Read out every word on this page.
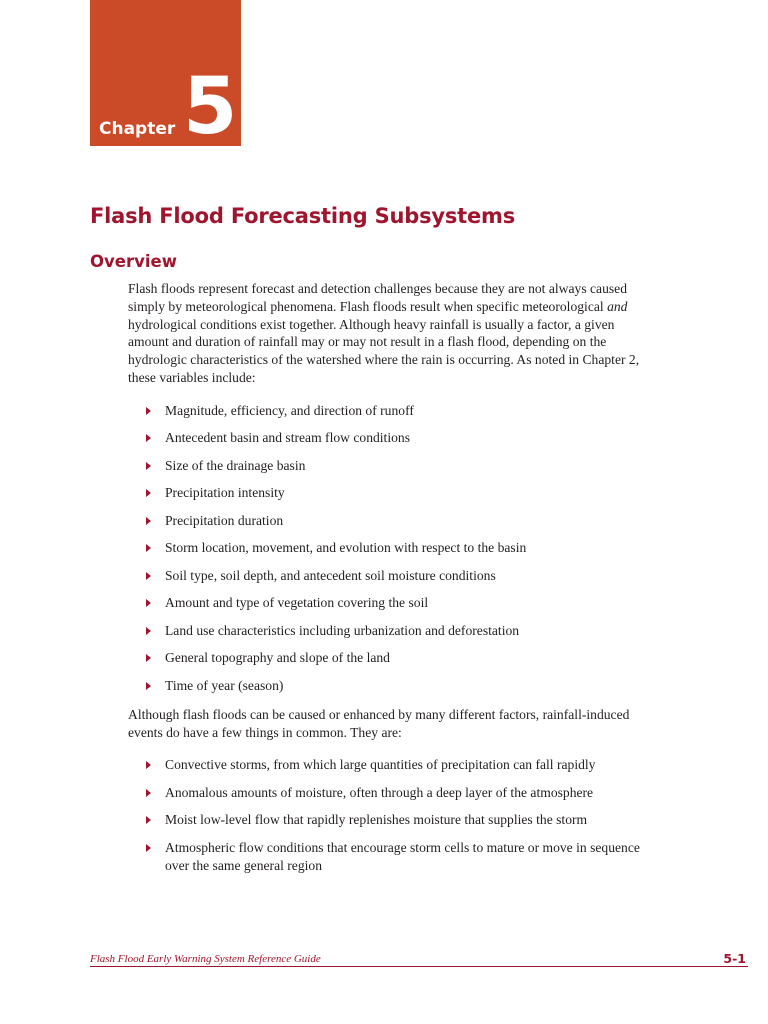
Chapter 5
Flash Flood Forecasting Subsystems
Overview

Flash floods represent forecast and detection challenges because they are not always caused simply by meteorological phenomena. Flash floods result when specific meteorological and hydrological conditions exist together. Although heavy rainfall is usually a factor, a given amount and duration of rainfall may or may not result in a flash flood, depending on the hydrologic characteristics of the watershed where the rain is occurring. As noted in Chapter 2, these variables include:

Magnitude, efficiency, and direction of runoff
Antecedent basin and stream flow conditions
Size of the drainage basin
Precipitation intensity
Precipitation duration
Storm location, movement, and evolution with respect to the basin
Soil type, soil depth, and antecedent soil moisture conditions
Amount and type of vegetation covering the soil
Land use characteristics including urbanization and deforestation
General topography and slope of the land
Time of year (season)

Although flash floods can be caused or enhanced by many different factors, rainfall-induced events do have a few things in common. They are:

Convective storms, from which large quantities of precipitation can fall rapidly
Anomalous amounts of moisture, often through a deep layer of the atmosphere
Moist low-level flow that rapidly replenishes moisture that supplies the storm
Atmospheric flow conditions that encourage storm cells to mature or move in sequence over the same general region
Flash Flood Early Warning System Reference Guide	5-1
